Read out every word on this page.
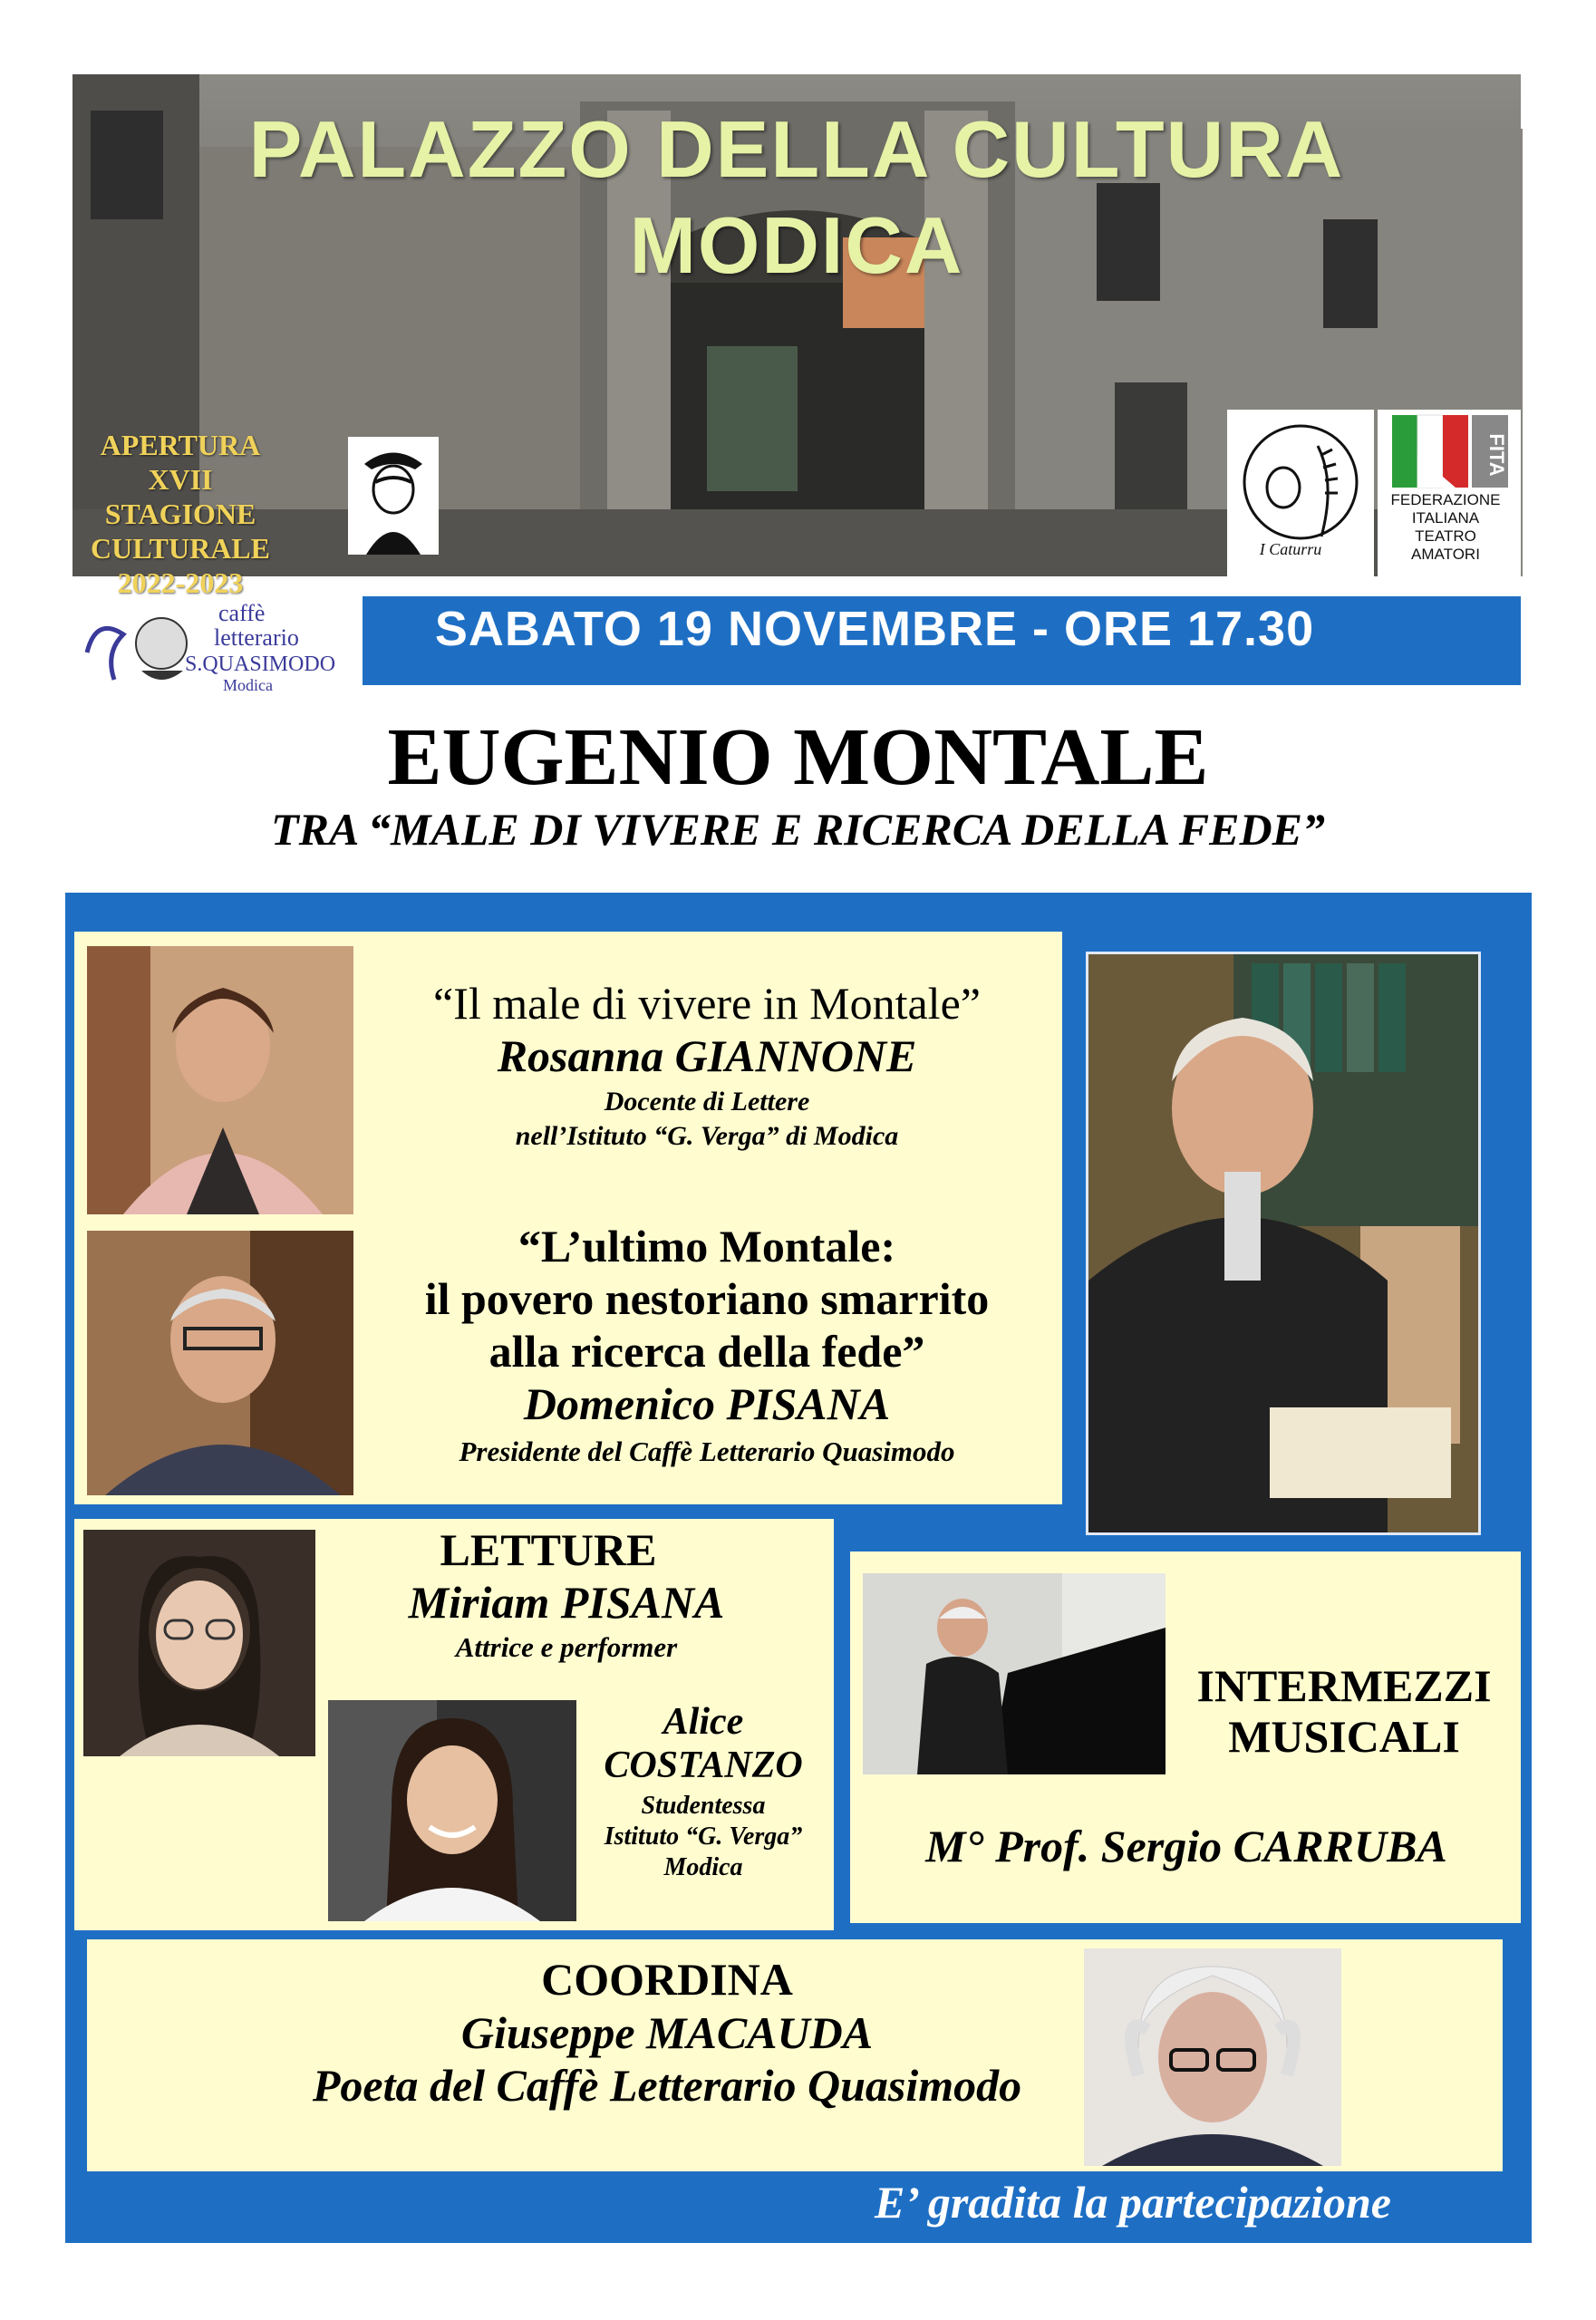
PALAZZO DELLA CULTURA
MODICA
APERTURA
XVII STAGIONE
CULTURALE
2022-2023
I Caturru
FITA
FEDERAZIONE
ITALIANA
TEATRO
AMATORI
caffè
letterario
S.QUASIMODO
Modica
SABATO 19 NOVEMBRE - ORE 17.30
EUGENIO MONTALE
TRA “MALE DI VIVERE E RICERCA DELLA FEDE”
“Il male di vivere in Montale”
Rosanna GIANNONE
Docente di Lettere
nell’Istituto “G. Verga” di Modica
“L’ultimo Montale:
il povero nestoriano smarrito
alla ricerca della fede”
Domenico PISANA
Presidente del Caffè Letterario Quasimodo
LETTURE
Miriam PISANA
Attrice e performer
Alice
COSTANZO
Studentessa
Istituto “G. Verga”
Modica
INTERMEZZI
MUSICALI
M° Prof. Sergio CARRUBA
COORDINA
Giuseppe MACAUDA
Poeta del Caffè Letterario Quasimodo
E’ gradita la partecipazione
